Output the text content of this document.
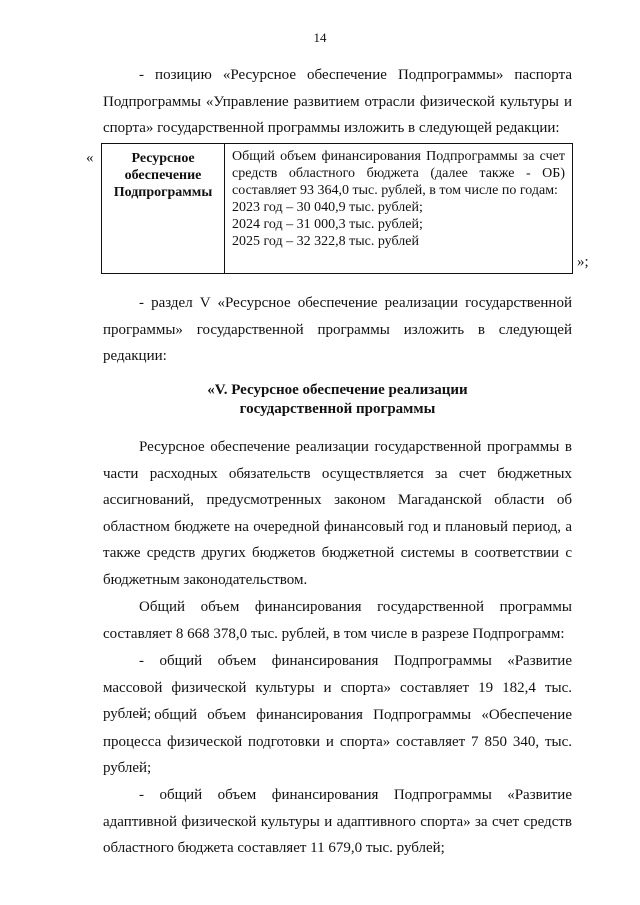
14
- позицию «Ресурсное обеспечение Подпрограммы» паспорта Подпрограммы «Управление развитием отрасли физической культуры и спорта» государственной программы изложить в следующей редакции:
«	Ресурсное обеспечение Подпрограммы	Общий объем финансирования Подпрограммы за счет средств областного бюджета (далее также - ОБ) составляет 93 364,0 тыс. рублей, в том числе по годам:
2023 год – 30 040,9 тыс. рублей;
2024 год – 31 000,3 тыс. рублей;
2025 год – 32 322,8 тыс. рублей
»;
- раздел V «Ресурсное обеспечение реализации государственной программы» государственной программы изложить в следующей редакции:
«V. Ресурсное обеспечение реализации
государственной программы
Ресурсное обеспечение реализации государственной программы в части расходных обязательств осуществляется за счет бюджетных ассигнований, предусмотренных законом Магаданской области об областном бюджете на очередной финансовый год и плановый период, а также средств других бюджетов бюджетной системы в соответствии с бюджетным законодательством.
Общий объем финансирования государственной программы составляет 8 668 378,0 тыс. рублей, в том числе в разрезе Подпрограмм:
- общий объем финансирования Подпрограммы «Развитие массовой физической культуры и спорта» составляет 19 182,4 тыс. рублей;
- общий объем финансирования Подпрограммы «Обеспечение процесса физической подготовки и спорта» составляет 7 850 340, тыс. рублей;
- общий объем финансирования Подпрограммы «Развитие адаптивной физической культуры и адаптивного спорта» за счет средств областного бюджета составляет 11 679,0 тыс. рублей;
